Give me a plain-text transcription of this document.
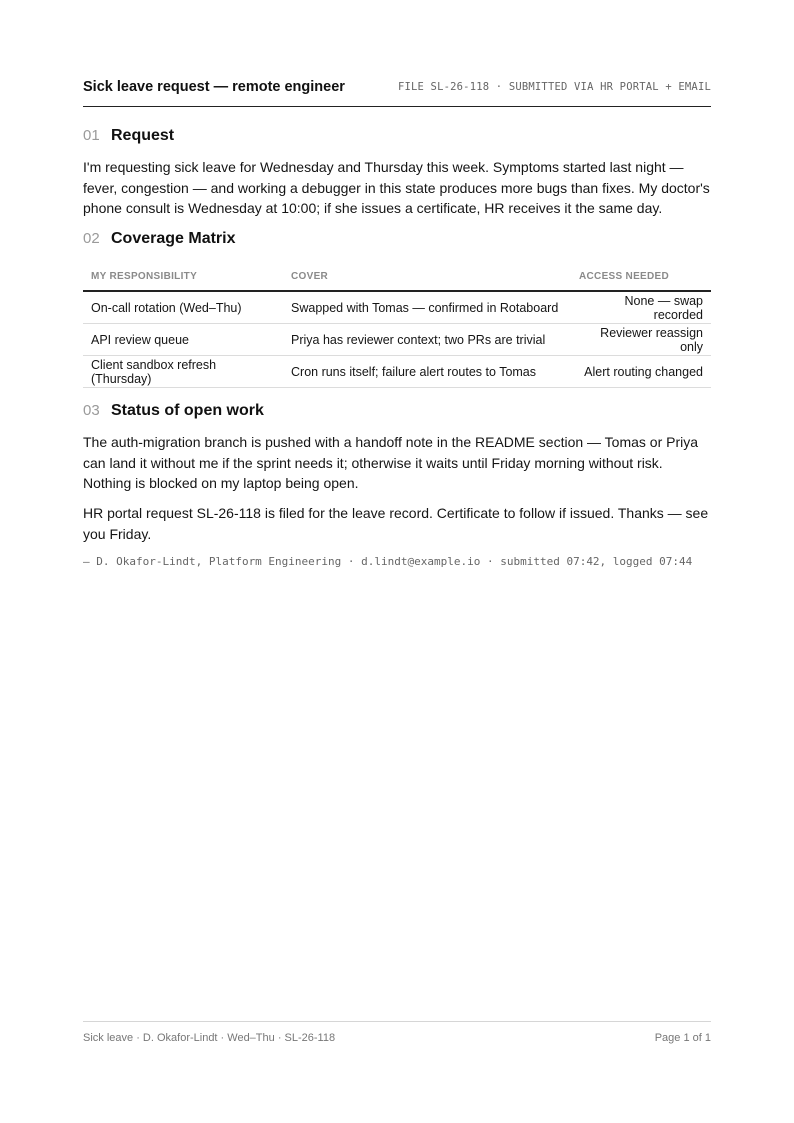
Sick leave request — remote engineer	FILE SL-26-118 · SUBMITTED VIA HR PORTAL + EMAIL
01 Request

I'm requesting sick leave for Wednesday and Thursday this week. Symptoms started last night — fever, congestion — and working a debugger in this state produces more bugs than fixes. My doctor's phone consult is Wednesday at 10:00; if she issues a certificate, HR receives it the same day.

02 Coverage Matrix
MY RESPONSIBILITY	COVER	ACCESS NEEDED
On-call rotation (Wed–Thu)	Swapped with Tomas — confirmed in Rotaboard	None — swap recorded
API review queue	Priya has reviewer context; two PRs are trivial	Reviewer reassign only
Client sandbox refresh (Thursday)	Cron runs itself; failure alert routes to Tomas	Alert routing changed
03 Status of open work

The auth-migration branch is pushed with a handoff note in the README section — Tomas or Priya can land it without me if the sprint needs it; otherwise it waits until Friday morning without risk. Nothing is blocked on my laptop being open.

HR portal request SL-26-118 is filed for the leave record. Certificate to follow if issued. Thanks — see you Friday.

— D. Okafor-Lindt, Platform Engineering · d.lindt@example.io · submitted 07:42, logged 07:44
Sick leave · D. Okafor-Lindt · Wed–Thu · SL-26-118	Page 1 of 1
